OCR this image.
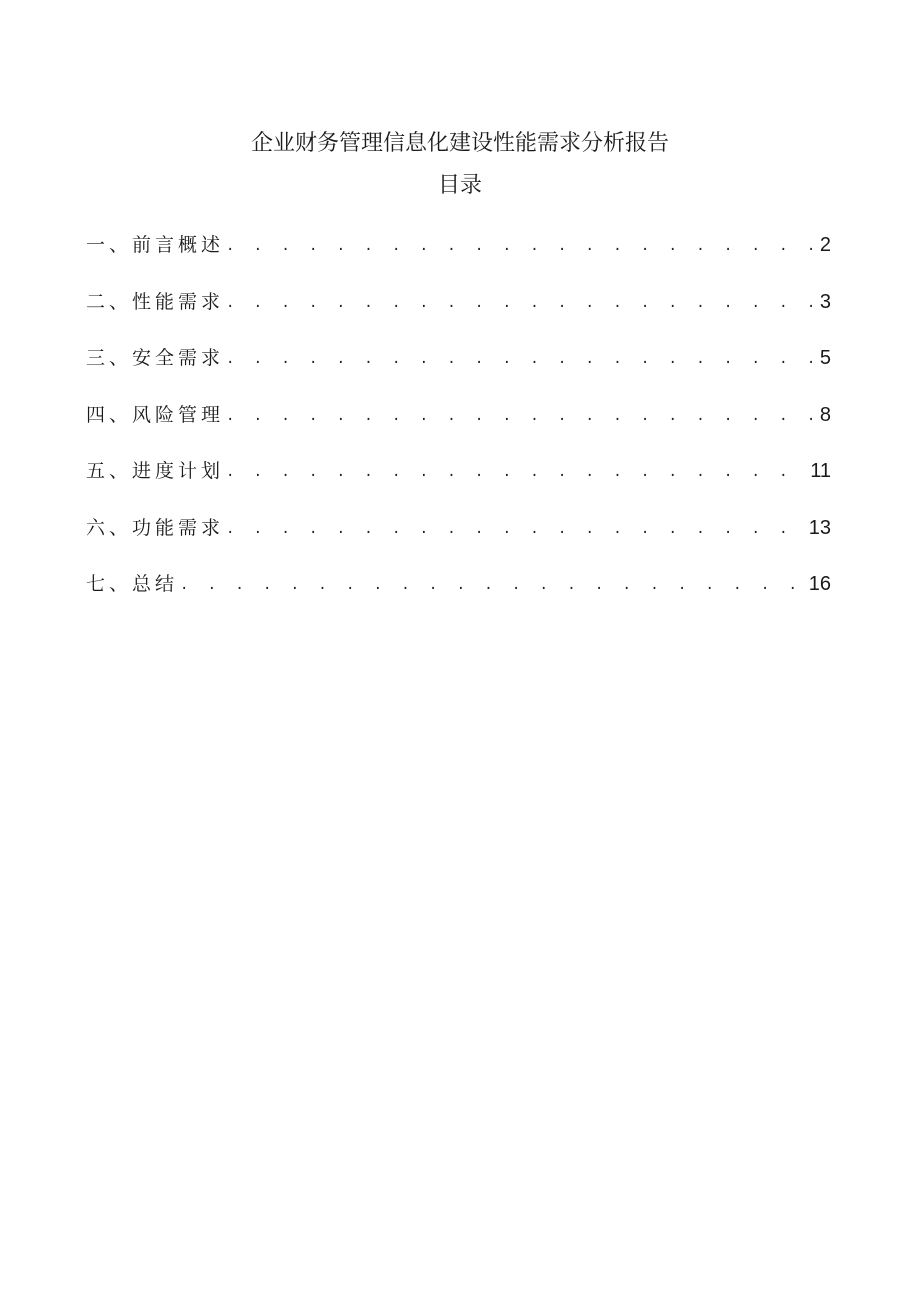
企业财务管理信息化建设性能需求分析报告
目录
一、前言概述 . . .	2
二、性能需求 . . .	3
三、安全需求 . . .	5
四、风险管理 . . .	8
五、进度计划 . . .	11
六、功能需求 . . .	13
七、总结 . . .	16
